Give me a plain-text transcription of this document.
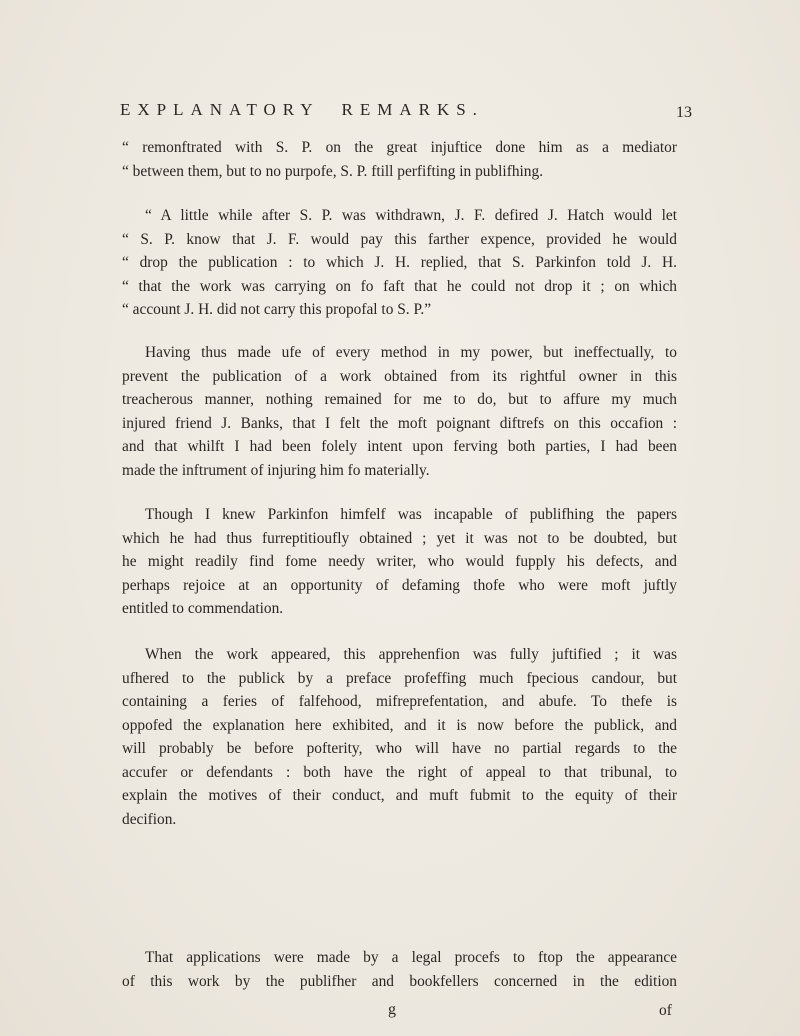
EXPLANATORY REMARKS.	13

“ remonftrated with S. P. on the great injuftice done him as a mediator

“ between them, but to no purpofe, S. P. ftill perfifting in publifhing.

“ A little while after S. P. was withdrawn, J. F. defired J. Hatch would let

“ S. P. know that J. F. would pay this farther expence, provided he would

“ drop the publication : to which J. H. replied, that S. Parkinfon told J. H.

“ that the work was carrying on fo faft that he could not drop it ; on which

“ account J. H. did not carry this propofal to S. P.”

Having thus made ufe of every method in my power, but ineffectually, to

prevent the publication of a work obtained from its rightful owner in this

treacherous manner, nothing remained for me to do, but to affure my much

injured friend J. Banks, that I felt the moft poignant diftrefs on this occafion :

and that whilft I had been folely intent upon ferving both parties, I had been

made the inftrument of injuring him fo materially.

Though I knew Parkinfon himfelf was incapable of publifhing the papers

which he had thus furreptitioufly obtained ; yet it was not to be doubted, but

he might readily find fome needy writer, who would fupply his defects, and

perhaps rejoice at an opportunity of defaming thofe who were moft juftly

entitled to commendation.

When the work appeared, this apprehenfion was fully juftified ; it was

ufhered to the publick by a preface profeffing much fpecious candour, but

containing a feries of falfehood, mifreprefentation, and abufe. To thefe is

oppofed the explanation here exhibited, and it is now before the publick, and

will probably be before pofterity, who will have no partial regards to the

accufer or defendants : both have the right of appeal to that tribunal, to

explain the motives of their conduct, and muft fubmit to the equity of their

decifion.

That applications were made by a legal procefs to ftop the appearance

of this work by the publifher and bookfellers concerned in the edition

g	of
